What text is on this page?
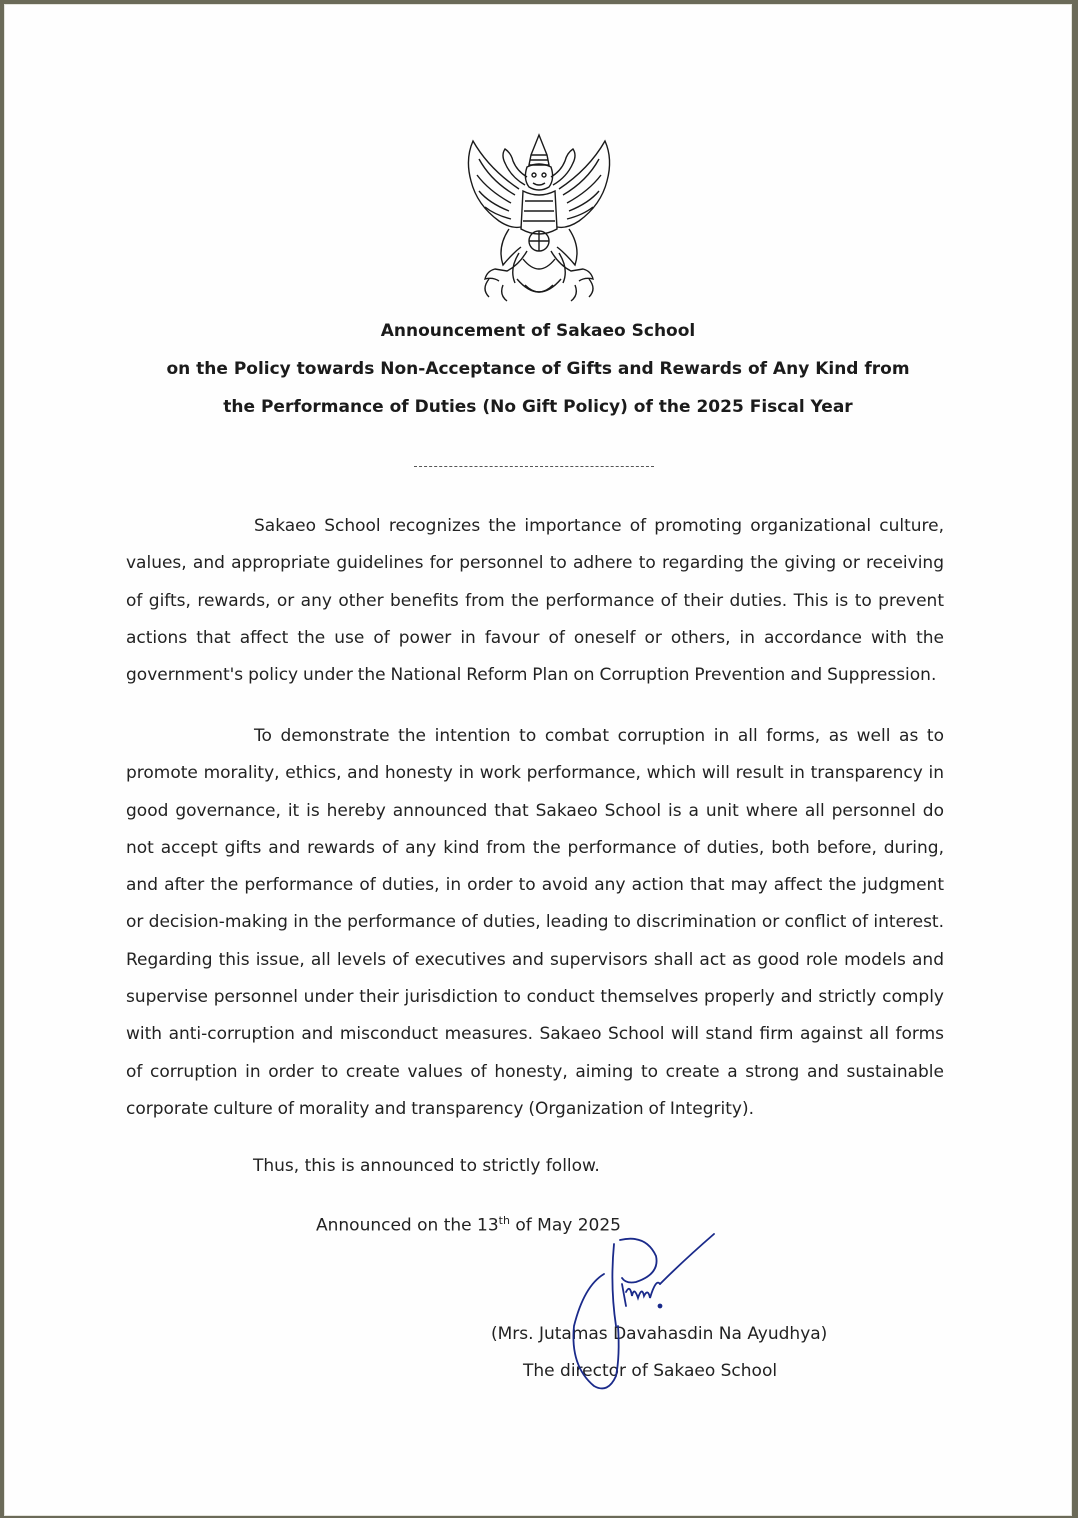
Announcement of Sakaeo School
on the Policy towards Non-Acceptance of Gifts and Rewards of Any Kind from
the Performance of Duties (No Gift Policy) of the 2025 Fiscal Year
Sakaeo School recognizes the importance of promoting organizational culture, values, and appropriate guidelines for personnel to adhere to regarding the giving or receiving of gifts, rewards, or any other benefits from the performance of their duties. This is to prevent actions that affect the use of power in favour of oneself or others, in accordance with the government's policy under the National Reform Plan on Corruption Prevention and Suppression.
To demonstrate the intention to combat corruption in all forms, as well as to promote morality, ethics, and honesty in work performance, which will result in transparency in good governance, it is hereby announced that Sakaeo School is a unit where all personnel do not accept gifts and rewards of any kind from the performance of duties, both before, during, and after the performance of duties, in order to avoid any action that may affect the judgment or decision-making in the performance of duties, leading to discrimination or conflict of interest. Regarding this issue, all levels of executives and supervisors shall act as good role models and supervise personnel under their jurisdiction to conduct themselves properly and strictly comply with anti-corruption and misconduct measures. Sakaeo School will stand firm against all forms of corruption in order to create values of honesty, aiming to create a strong and sustainable corporate culture of morality and transparency (Organization of Integrity).
Thus, this is announced to strictly follow.
Announced on the 13th of May 2025
(Mrs. Jutamas Davahasdin Na Ayudhya)
The director of Sakaeo School
